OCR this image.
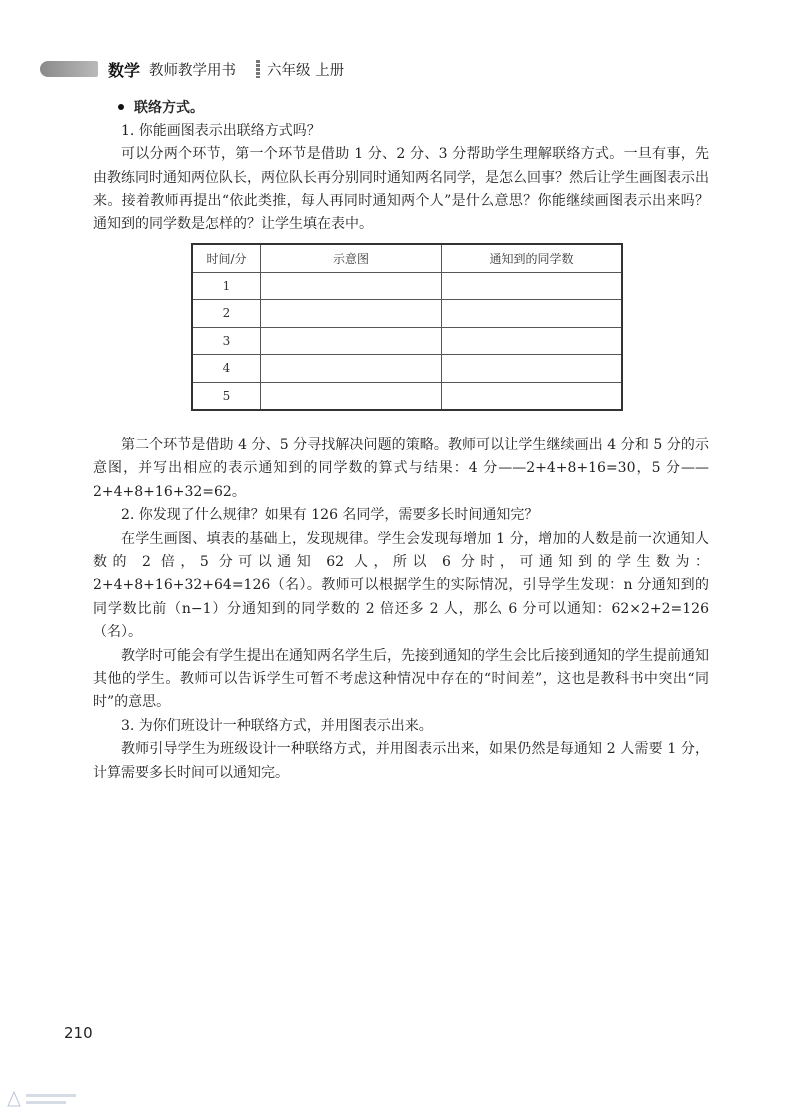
数学 教师教学用书 六年级 上册
联络方式。

1. 你能画图表示出联络方式吗？

可以分两个环节，第一个环节是借助 1 分、2 分、3 分帮助学生理解联络方式。一旦有事，先由教练同时通知两位队长，两位队长再分别同时通知两名同学，是怎么回事？然后让学生画图表示出来。接着教师再提出“依此类推，每人再同时通知两个人”是什么意思？你能继续画图表示出来吗？通知到的同学数是怎样的？让学生填在表中。

时间/分	示意图	通知到的同学数
1		
2		
3		
4		
5		

第二个环节是借助 4 分、5 分寻找解决问题的策略。教师可以让学生继续画出 4 分和 5 分的示意图，并写出相应的表示通知到的同学数的算式与结果：4 分——2+4+8+16=30，5 分——2+4+8+16+32=62。

2. 你发现了什么规律？如果有 126 名同学，需要多长时间通知完？

在学生画图、填表的基础上，发现规律。学生会发现每增加 1 分，增加的人数是前一次通知人数的 2 倍，5 分可以通知 62 人，所以 6 分时，可通知到的学生数为：2+4+8+16+32+64=126（名）。教师可以根据学生的实际情况，引导学生发现：n 分通知到的同学数比前（n−1）分通知到的同学数的 2 倍还多 2 人，那么 6 分可以通知：62×2+2=126（名）。

教学时可能会有学生提出在通知两名学生后，先接到通知的学生会比后接到通知的学生提前通知其他的学生。教师可以告诉学生可暂不考虑这种情况中存在的“时间差”，这也是教科书中突出“同时”的意思。

3. 为你们班设计一种联络方式，并用图表示出来。

教师引导学生为班级设计一种联络方式，并用图表示出来，如果仍然是每通知 2 人需要 1 分，计算需要多长时间可以通知完。

210
